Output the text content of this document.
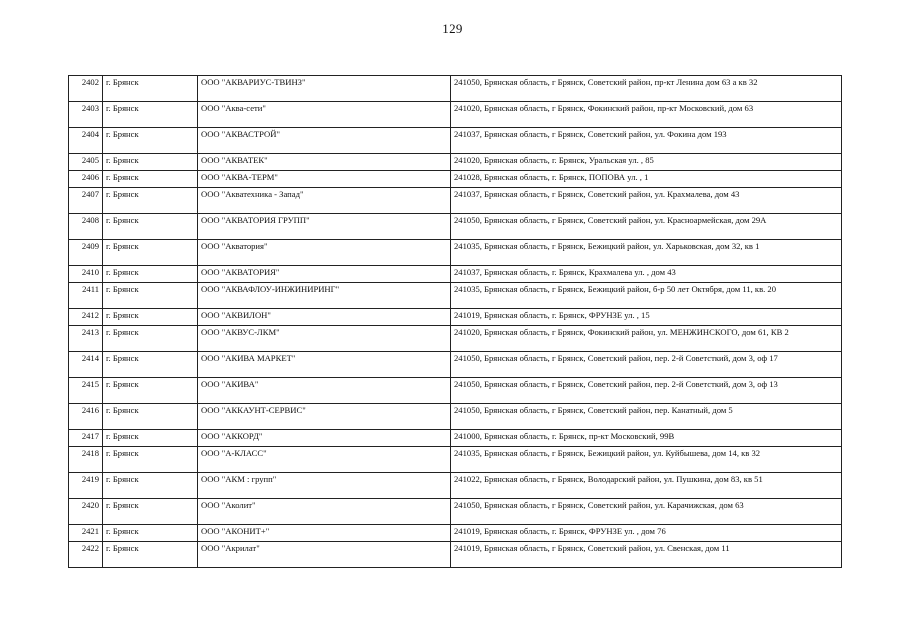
129
2402	г. Брянск	ООО "АКВАРИУС-ТВИНЗ"	241050, Брянская область, г Брянск, Советский район, пр-кт Ленина дом 63 а кв 32
2403	г. Брянск	ООО "Аква-сети"	241020, Брянская область, г Брянск, Фокинский район, пр-кт Московский, дом 63
2404	г. Брянск	ООО "АКВАСТРОЙ"	241037, Брянская область, г Брянск, Советский район, ул. Фокина дом 193
2405	г. Брянск	ООО "АКВАТЕК"	241020, Брянская область, г. Брянск, Уральская ул. , 85
2406	г. Брянск	ООО "АКВА-ТЕРМ"	241028, Брянская область, г. Брянск, ПОПОВА ул. , 1
2407	г. Брянск	ООО "Акватехника - Запад"	241037, Брянская область, г Брянск, Советский район, ул. Крахмалева, дом 43
2408	г. Брянск	ООО "АКВАТОРИЯ ГРУПП"	241050, Брянская область, г Брянск, Советский район, ул. Красноармейская, дом 29А
2409	г. Брянск	ООО "Акватория"	241035, Брянская область, г Брянск, Бежицкий район, ул. Харьковская, дом 32, кв 1
2410	г. Брянск	ООО "АКВАТОРИЯ"	241037, Брянская область, г. Брянск, Крахмалева ул. , дом 43
2411	г. Брянск	ООО "АКВАФЛОУ-ИНЖИНИРИНГ"	241035, Брянская область, г Брянск, Бежицкий район, б-р 50 лет Октября, дом 11, кв. 20
2412	г. Брянск	ООО "АКВИЛОН"	241019, Брянская область, г. Брянск, ФРУНЗЕ ул. , 15
2413	г. Брянск	ООО "АКВУС-ЛКМ"	241020, Брянская область, г Брянск, Фокинский район, ул. МЕНЖИНСКОГО, дом 61, КВ 2
2414	г. Брянск	ООО "АКИВА МАРКЕТ"	241050, Брянская область, г Брянск, Советский район, пер. 2-й Советсткий, дом 3, оф 17
2415	г. Брянск	ООО "АКИВА"	241050, Брянская область, г Брянск, Советский район, пер. 2-й Советсткий, дом 3, оф 13
2416	г. Брянск	ООО "АККАУНТ-СЕРВИС"	241050, Брянская область, г Брянск, Советский район, пер. Канатный, дом 5
2417	г. Брянск	ООО "АККОРД"	241000, Брянская область, г. Брянск, пр-кт Московский, 99В
2418	г. Брянск	ООО "А-КЛАСС"	241035, Брянская область, г Брянск, Бежицкий район, ул. Куйбышева, дом 14, кв 32
2419	г. Брянск	ООО "АКМ : групп"	241022, Брянская область, г Брянск, Володарский район, ул. Пушкина, дом 83, кв 51
2420	г. Брянск	ООО "Аколит"	241050, Брянская область, г Брянск, Советский район, ул. Карачижская, дом 63
2421	г. Брянск	ООО "АКОНИТ+"	241019, Брянская область, г. Брянск, ФРУНЗЕ ул. , дом 76
2422	г. Брянск	ООО "Акрилат"	241019, Брянская область, г Брянск, Советский район, ул. Свенская, дом 11
